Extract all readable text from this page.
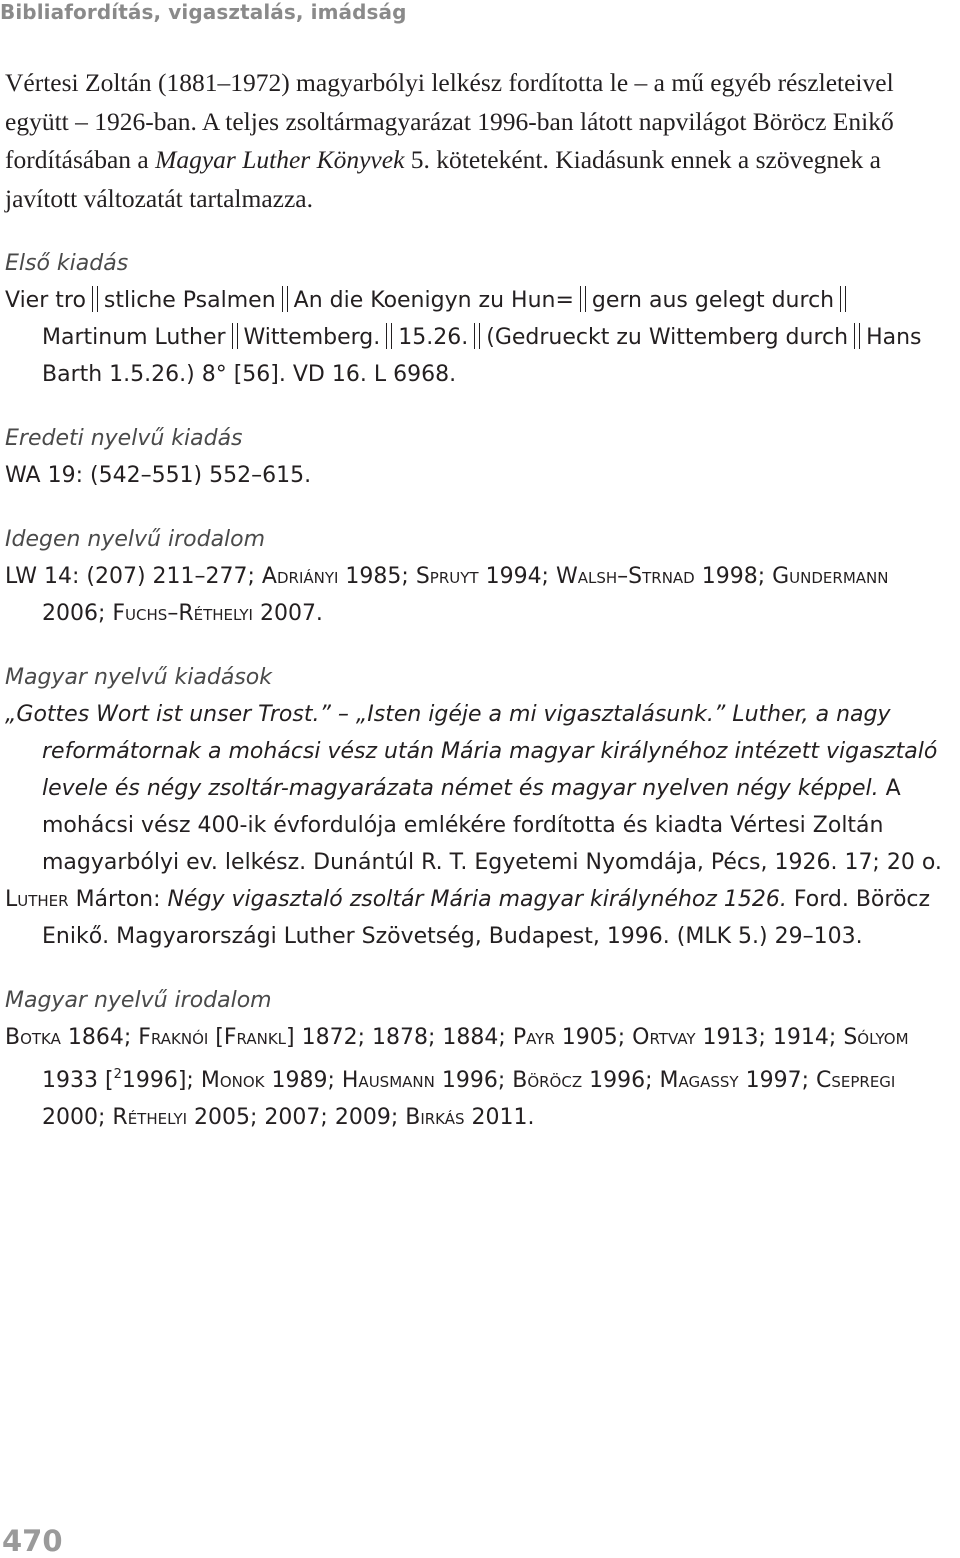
Bibliafordítás, vigasztalás, imádság

Vértesi Zoltán (1881–1972) magyarbólyi lelkész fordította le – a mű egyéb részleteivel együtt – 1926-ban. A teljes zsoltármagyarázat 1996-ban látott napvilágot Böröcz Enikő fordításában a Magyar Luther Könyvek 5. köteteként. Kiadásunk ennek a szövegnek a javított változatát tartalmazza.

Első kiadás

Vier tro stliche Psalmen An die Koenigyn zu Hun= gern aus gelegt durchMartinum Luther Wittemberg. 15.26. (Gedrueckt zu Wittemberg durch Hans Barth 1.5.26.) 8° [56]. VD 16. L 6968.

Eredeti nyelvű kiadás

WA 19: (542–551) 552–615.

Idegen nyelvű irodalom

LW 14: (207) 211–277; Adriányi 1985; Spruyt 1994; Walsh–Strnad 1998; Gundermann 2006; Fuchs–Réthelyi 2007.

Magyar nyelvű kiadások

„Gottes Wort ist unser Trost.” – „Isten igéje a mi vigasztalásunk.” Luther, a nagy reformátornak a mohácsi vész után Mária magyar királynéhoz intézett vigasztaló levele és négy zsoltár-magyarázata német és magyar nyelven négy képpel. A mohácsi vész 400-ik évfordulója emlékére fordította és kiadta Vértesi Zoltán magyarbólyi ev. lelkész. Dunántúl R. T. Egyetemi Nyomdája, Pécs, 1926. 17; 20 o.

Luther Márton: Négy vigasztaló zsoltár Mária magyar királynéhoz 1526. Ford. Böröcz Enikő. Magyarországi Luther Szövetség, Budapest, 1996. (MLK 5.) 29–103.

Magyar nyelvű irodalom

Botka 1864; Fraknói [Frankl] 1872; 1878; 1884; Payr 1905; Ortvay 1913; 1914; Sólyom 1933 [$^2$1996]; Monok 1989; Hausmann 1996; Böröcz 1996; Magassy 1997; Csepregi 2000; Réthelyi 2005; 2007; 2009; Birkás 2011.

470
